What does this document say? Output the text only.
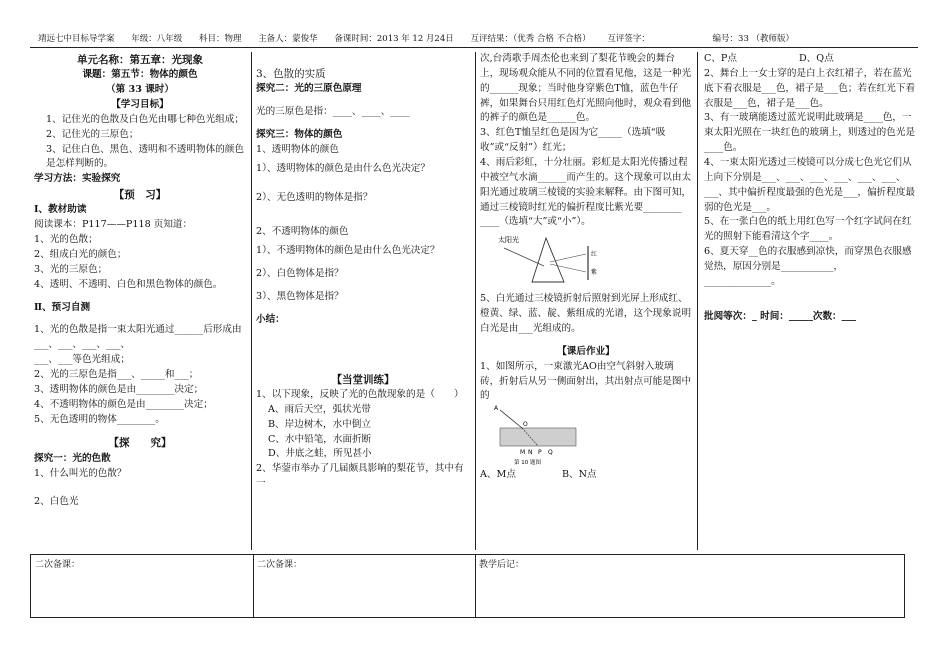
靖远七中目标导学案 年级：八年级 科目：物理 主备人：蒙俊华 备课时间：2013 年 12 月24日 互评结果：（优秀 合格 不合格） 互评签字：	编号：33 （教师版）

单元名称：第五章：光现象

课题：第五节：物体的颜色

（第 33 课时）

【学习目标】

1、记住光的色散及白色光由哪七种色光组成；

2、记住光的三原色；

3、记住白色、黑色、透明和不透明物体的颜色是怎样判断的。

学习方法：实验探究

【预　习】

Ⅰ、教材助读

阅读课本：P117——P118 页知道：

1、光的色散；

2、组成白光的颜色；

3、光的三原色；

4、透明、不透明、白色和黑色物体的颜色。

Ⅱ、预习自测

1、光的色散是指一束太阳光通过______后形成由___、___、___、___、

___、___等色光组成；

2、光的三原色是指___、_____和___；

3、透明物体的颜色是由________决定；

4、不透明物体的颜色是由________决定；

5、无色透明的物体________。

【探　　究】

探究一：光的色散

1、什么叫光的色散？

2、白色光

3、色散的实质

探究二：光的三原色原理

光的三原色是指：____、____、____

探究三：物体的颜色

1、透明物体的颜色

1）、透明物体的颜色是由什么色光决定？

2）、无色透明的物体是指？

2、不透明物体的颜色

1）、不透明物体的颜色是由什么色光决定？

2）、白色物体是指？

3）、黑色物体是指？

小结：

【当堂训练】

1、以下现象，反映了光的色散现象的是（　　）

A、雨后天空，弧状光带

B、岸边树木，水中倒立

C、水中铅笔，水面折断

D、井底之蛙，所见甚小

2、华蓥市举办了几届颇具影响的梨花节，其中有一

次,台湾歌手周杰伦也来到了梨花节晚会的舞台上，现场观众能从不同的位置看见他，这是一种光的______现象；当时他身穿紫色T恤，蓝色牛仔裤，如果舞台只用红色灯光照向他时，观众看到他的裤子的颜色是______色。

3、红色T恤呈红色是因为它_____（选填“吸收”或“反射”）红光；

4、雨后彩虹，十分壮丽。彩虹是太阳光传播过程中被空气水滴______而产生的。这个现象可以由太阳光通过玻璃三棱镜的实验来解释。由下图可知，通过三棱镜时红光的偏折程度比紫光要________ ____（选填“大”或“小”）。

太阳光
红
紫

5、白光通过三棱镜折射后照射到光屏上形成红、橙黄、绿、蓝、靛、紫组成的光谱，这个现象说明白光是由___光组成的。

【课后作业】

1、如图所示，一束激光AO由空气斜射入玻璃砖，折射后从另一侧面射出，其出射点可能是图中的

A
O
M N P Q
第 10 题图
A、M点	B、N点
C、P点	D、Q点

2、舞台上一女士穿的是白上衣红裙子，若在蓝光底下看衣服是___色，裙子是___色；若在红光下看衣服是___色，裙子是___色。

3、有一玻璃能透过蓝光说明此玻璃是____色，一束太阳光照在一块红色的玻璃上，则透过的色光是____色。

4、一束太阳光透过三棱镜可以分成七色光它们从上向下分别是___、___、___、___、___、___、___、其中偏折程度最强的色光是___，偏折程度最弱的色光是___。

5、在一张白色的纸上用红色写一个红字试问在红光的照射下能看清这个字____。

6、夏天穿__色的衣服感到凉快，而穿黑色衣服感觉热，原因分别是___________，______________。

批阅等次：_ 时间：_____次数：___

二次备课：	二次备课：	教学后记：
